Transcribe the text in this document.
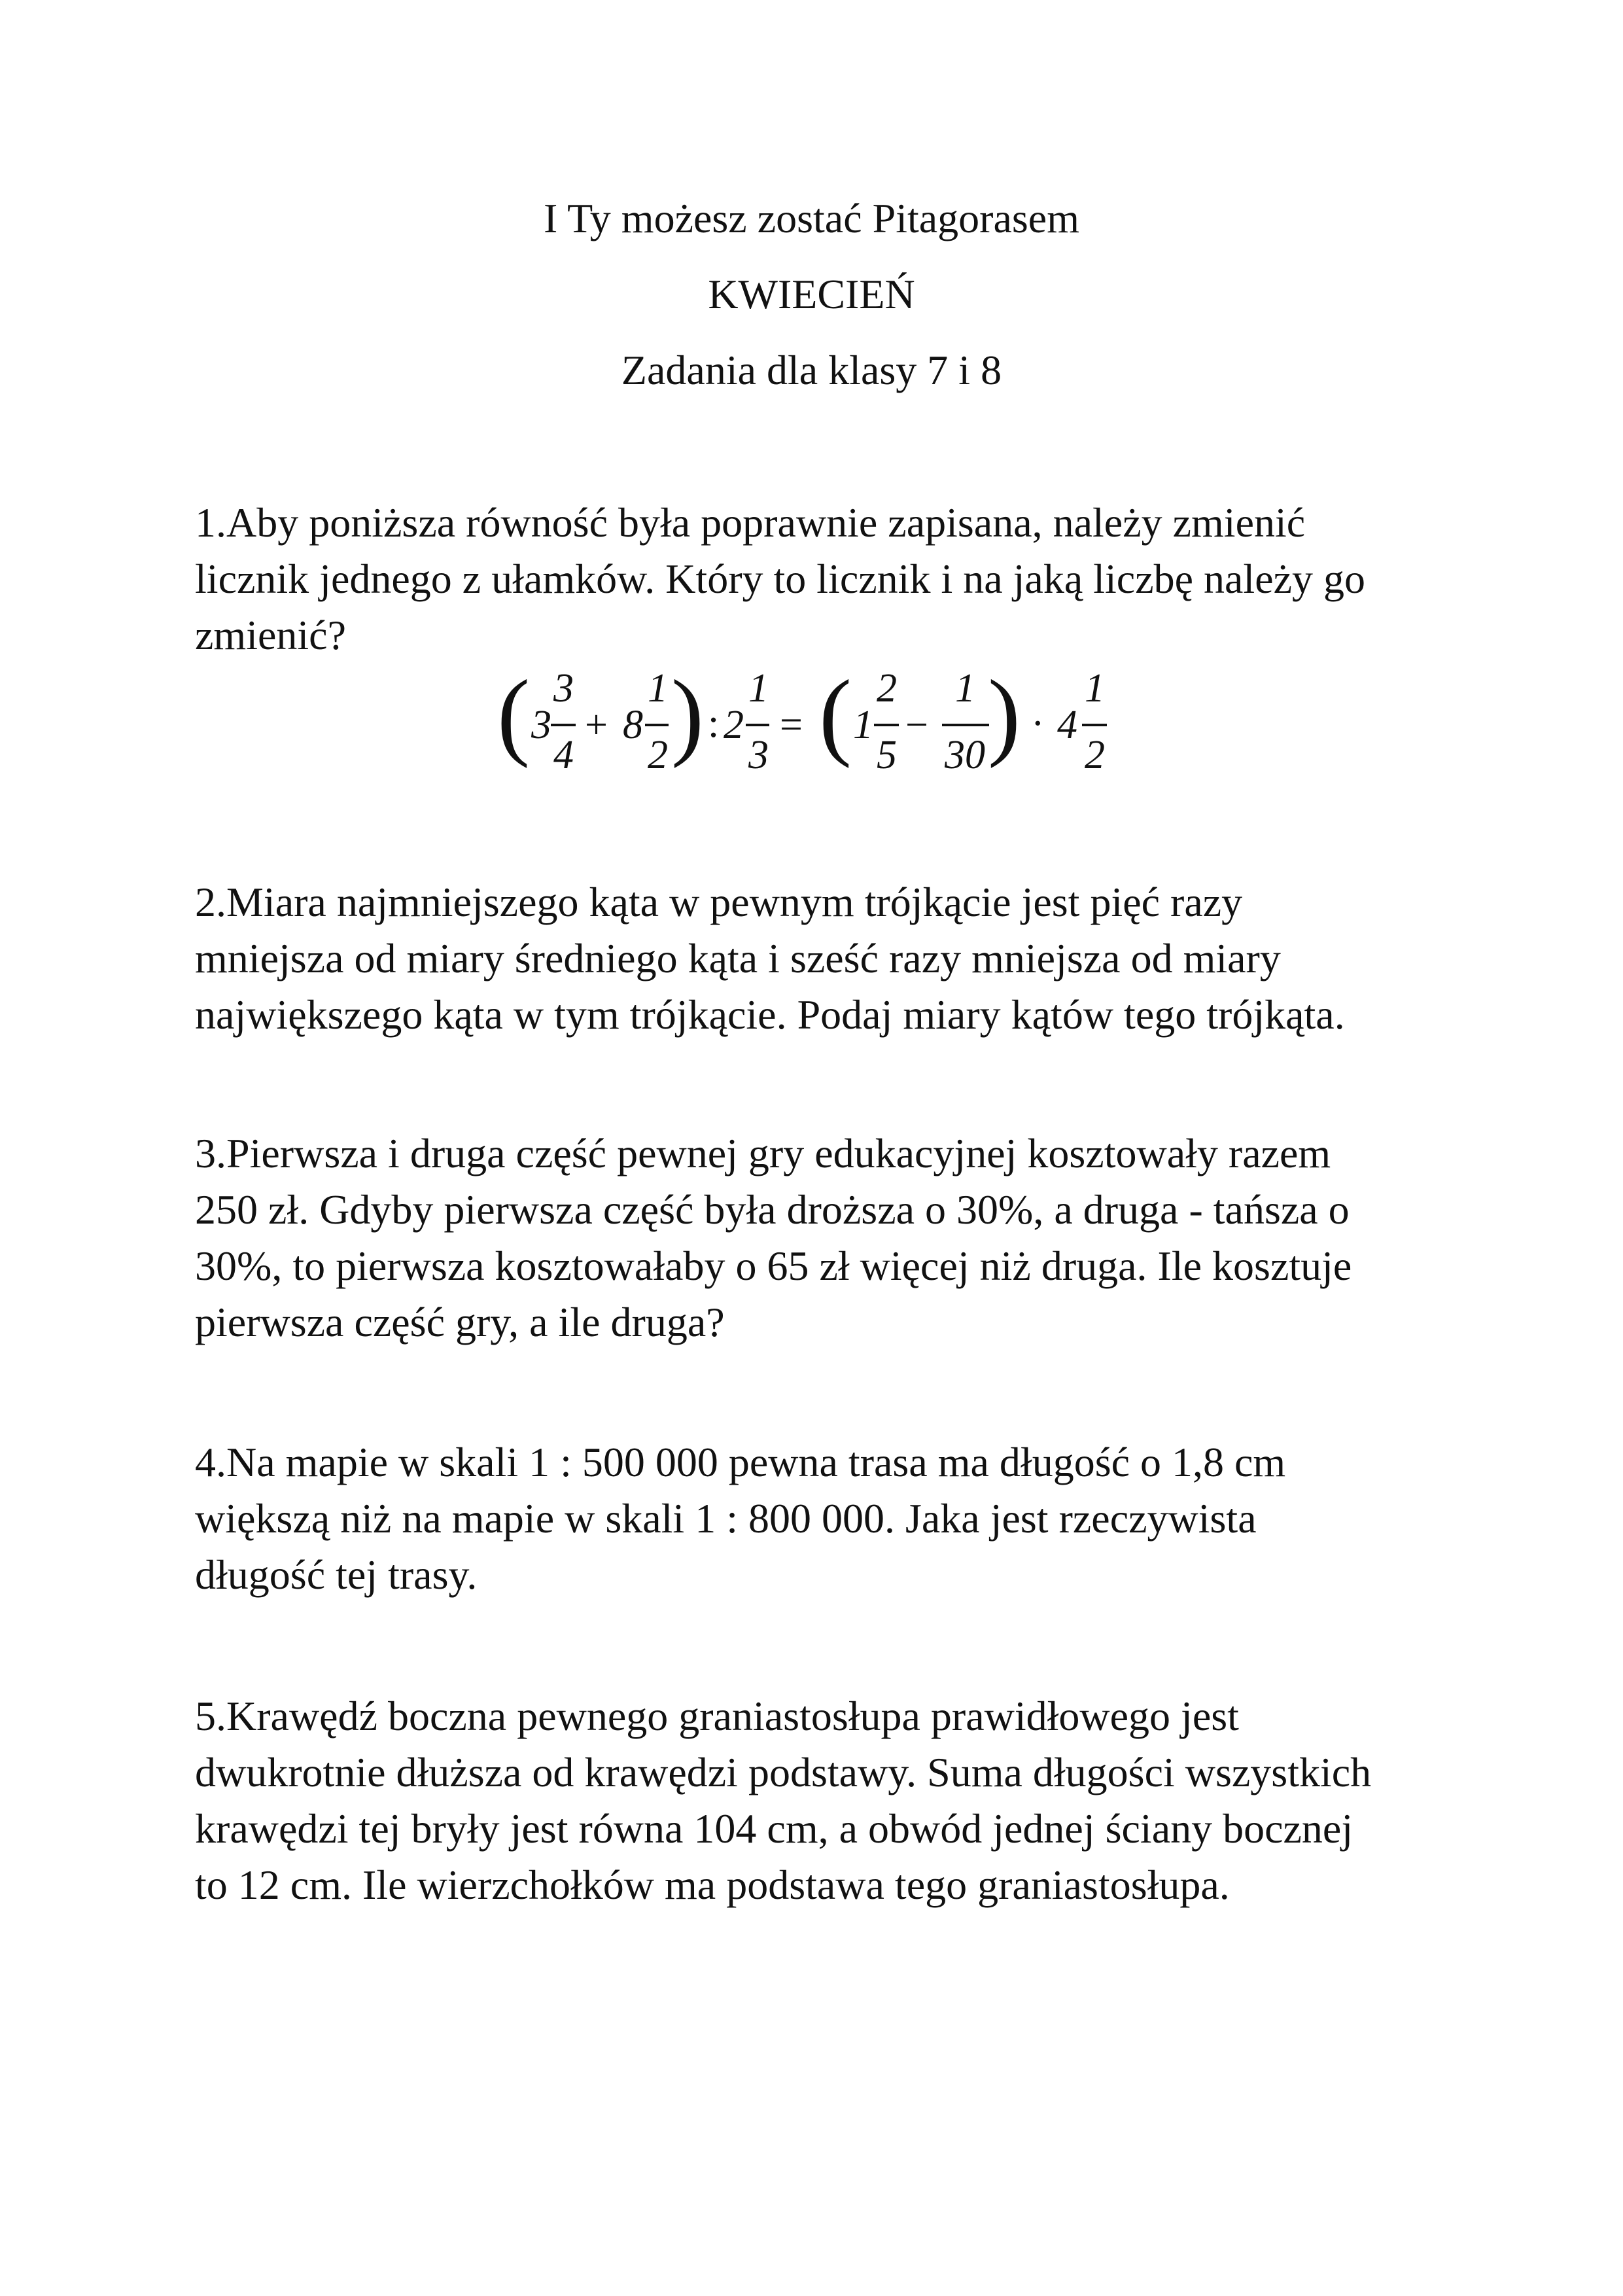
I Ty możesz zostać Pitagorasem
KWIECIEŃ
Zadania dla klasy 7 i 8
1.Aby poniższa równość była poprawnie zapisana, należy zmienić
licznik jednego z ułamków. Który to licznik i na jaką liczbę należy go
zmienić?
( 3
3
4
+ 8
1
2 ) : 2
1
3
= ( 1
2
5
−
1
30 ) · 4
1
2
2.Miara najmniejszego kąta w pewnym trójkącie jest pięć razy
mniejsza od miary średniego kąta i sześć razy mniejsza od miary
największego kąta w tym trójkącie. Podaj miary kątów tego trójkąta.
3.Pierwsza i druga część pewnej gry edukacyjnej kosztowały razem
250 zł. Gdyby pierwsza część była droższa o 30%, a druga - tańsza o
30%, to pierwsza kosztowałaby o 65 zł więcej niż druga. Ile kosztuje
pierwsza część gry, a ile druga?
4.Na mapie w skali 1 : 500 000 pewna trasa ma długość o 1,8 cm
większą niż na mapie w skali 1 : 800 000. Jaka jest rzeczywista
długość tej trasy.
5.Krawędź boczna pewnego graniastosłupa prawidłowego jest
dwukrotnie dłuższa od krawędzi podstawy. Suma długości wszystkich
krawędzi tej bryły jest równa 104 cm, a obwód jednej ściany bocznej
to 12 cm. Ile wierzchołków ma podstawa tego graniastosłupa.
